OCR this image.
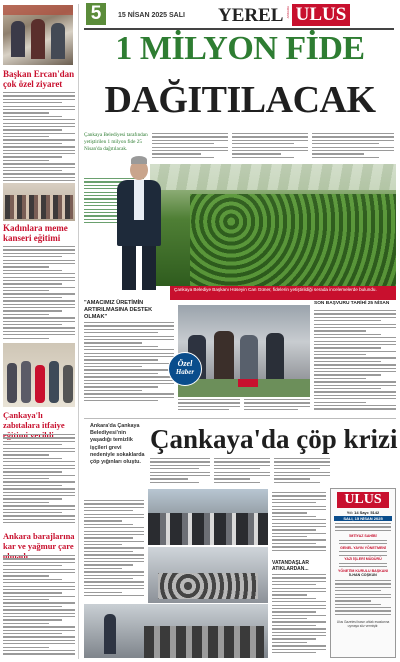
5	15 NİSAN 2025 SALI YEREL ANKARA ULUS
Başkan Ercan'dan çok özel ziyaret
Kadınlara meme kanseri eğitimi
Çankaya'lı zabıtalara itfaiye
Ankara barajlarına kar ve yağmur çare
1 MİLYON FİDE
DAĞITILACAK
Çankaya Belediyesi tarafından yetiştirilen 1 milyon fide 25 Nisan'da dağıtılacak.
Çankaya Belediye Başkanı Hüseyin Can Güner, fidelerin yetiştirildiği serada incelemelerde bulundu.
"AMACIMIZ ÜRETİMİN ARTIRILMASINA DESTEK OLMAK"
Özel
Haber
SON BAŞVURU TARİHİ 25 NİSAN
Ankara'da Çankaya Belediyesi'nin yaşadığı temizlik işçileri grevi nedeniyle sokaklarda çöp yığınları oluştu.
Çankaya'da çöp krizi
VATANDAŞLAR ATIKLARDAN...
ULUS
Yıl: 14 Sayı: 5142
SALI, 15 NİSAN 2025
İMTİYAZ SAHİBİ
GENEL YAYIN YÖNETMENİ
YAZI İŞLERİ MÜDÜRÜ
YÖNETİM KURULU BAŞKANI
İLHAN COŞKUN
Ulus Gazetesi basın ahlak esaslarına uymaya söz vermiştir.
